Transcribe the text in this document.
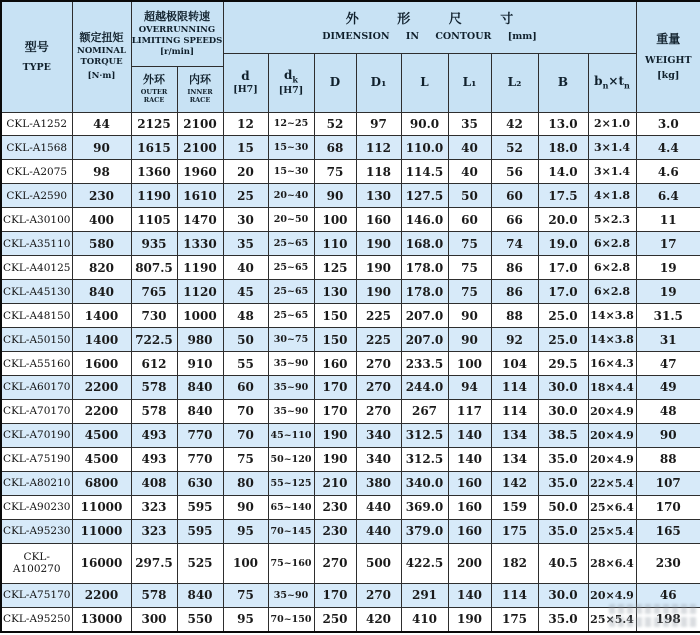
型号
TYPE

额定扭矩
NOMINAL
TORQUE
[N·m]

超越极限转速
OVERRUNNING
LIMITING SPEEDS
[r/min]

外 形 尺 寸
DIMENSION IN CONTOUR [mm]	重量
WEIGHT
[kg]

d
[H7]

$d_k$
[H7]

D	D₁	L	L₁	L₂	B	$b_n\times t_n$

外环
OUTER RACE

内环
INNER RACE

CKL-A1252	44	2125	2100	12	12~25	52	97	90.0	35	42	13.0	2×1.0	3.0
CKL-A1568	90	1615	2100	15	15~30	68	112	110.0	40	52	18.0	3×1.4	4.4
CKL-A2075	98	1360	1960	20	15~30	75	118	114.5	40	56	14.0	3×1.4	4.6
CKL-A2590	230	1190	1610	25	20~40	90	130	127.5	50	60	17.5	4×1.8	6.4
CKL-A30100	400	1105	1470	30	20~50	100	160	146.0	60	66	20.0	5×2.3	11
CKL-A35110	580	935	1330	35	25~65	110	190	168.0	75	74	19.0	6×2.8	17
CKL-A40125	820	807.5	1190	40	25~65	125	190	178.0	75	86	17.0	6×2.8	19
CKL-A45130	840	765	1120	45	25~65	130	190	178.0	75	86	17.0	6×2.8	19
CKL-A48150	1400	730	1000	48	25~65	150	225	207.0	90	88	25.0	14×3.8	31.5
CKL-A50150	1400	722.5	980	50	30~75	150	225	207.0	90	92	25.0	14×3.8	31
CKL-A55160	1600	612	910	55	35~90	160	270	233.5	100	104	29.5	16×4.3	47
CKL-A60170	2200	578	840	60	35~90	170	270	244.0	94	114	30.0	18×4.4	49
CKL-A70170	2200	578	840	70	35~90	170	270	267	117	114	30.0	20×4.9	48
CKL-A70190	4500	493	770	70	45~110	190	340	312.5	140	134	38.5	20×4.9	90
CKL-A75190	4500	493	770	75	50~120	190	340	312.5	140	134	35.0	20×4.9	88
CKL-A80210	6800	408	630	80	55~125	210	380	340.0	160	142	35.0	22×5.4	107
CKL-A90230	11000	323	595	90	65~140	230	440	369.0	160	159	50.0	25×6.4	170
CKL-A95230	11000	323	595	95	70~145	230	440	379.0	160	175	35.0	25×5.4	165
CKL-A100270	16000	297.5	525	100	75~160	270	500	422.5	200	182	40.5	28×6.4	230
CKL-A75170	2200	578	840	75	35~90	170	270	291	140	114	30.0	20×4.9	46
CKL-A95250	13000	300	550	95	70~150	250	420	410	190	175	35.0	25×5.4	198
